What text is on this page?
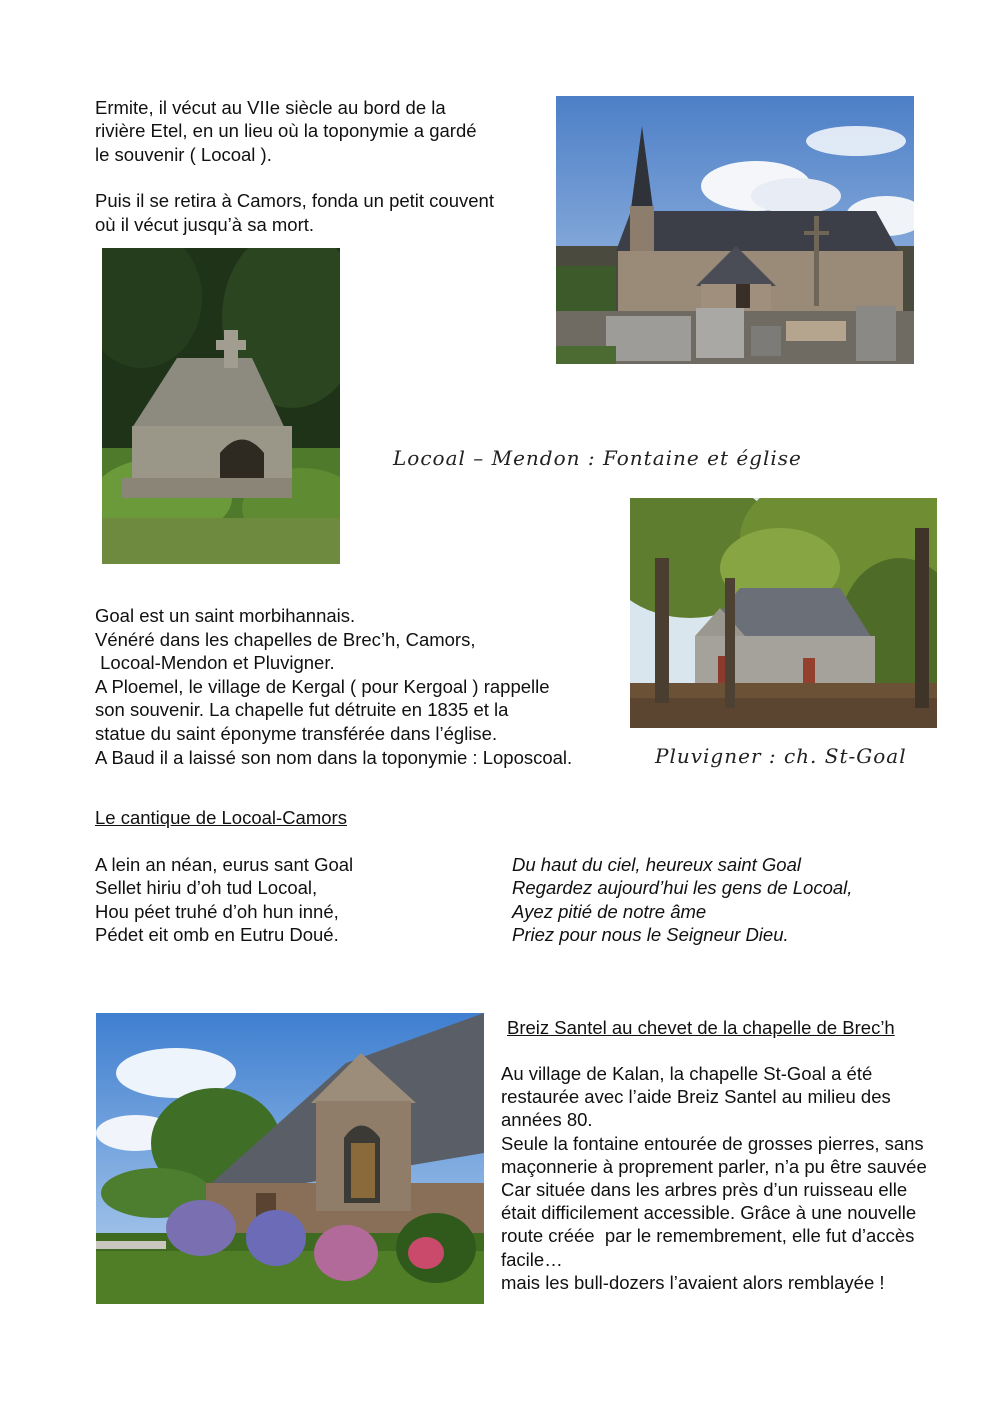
Ermite, il vécut au VIIe siècle au bord de la

rivière Etel, en un lieu où la toponymie a gardé

le souvenir ( Locoal ).

Puis il se retira à Camors, fonda un petit couvent

où il vécut jusqu’à sa mort.

Locoal – Mendon : Fontaine et église

Goal est un saint morbihannais.

Vénéré dans les chapelles de Brec’h, Camors,

Locoal-Mendon et Pluvigner.

A Ploemel, le village de Kergal ( pour Kergoal ) rappelle

son souvenir. La chapelle fut détruite en 1835 et la

statue du saint éponyme transférée dans l’église.

A Baud il a laissé son nom dans la toponymie : Loposcoal.	Pluvigner : ch. St-Goal
Le cantique de Locoal-Camors

A lein an néan, eurus sant Goal

Sellet hiriu d’oh tud Locoal,

Hou péet truhé d’oh hun inné,

Pédet eit omb en Eutru Doué.

Du haut du ciel, heureux saint Goal

Regardez aujourd’hui les gens de Locoal,

Ayez pitié de notre âme

Priez pour nous le Seigneur Dieu.

Breiz Santel au chevet de la chapelle de Brec’h

Au village de Kalan, la chapelle St-Goal a été

restaurée avec l’aide Breiz Santel au milieu des

années 80.

Seule la fontaine entourée de grosses pierres, sans

maçonnerie à proprement parler, n’a pu être sauvée

Car située dans les arbres près d’un ruisseau elle

était difficilement accessible. Grâce à une nouvelle

route créée  par le remembrement, elle fut d’accès

facile…

mais les bull-dozers l’avaient alors remblayée !
